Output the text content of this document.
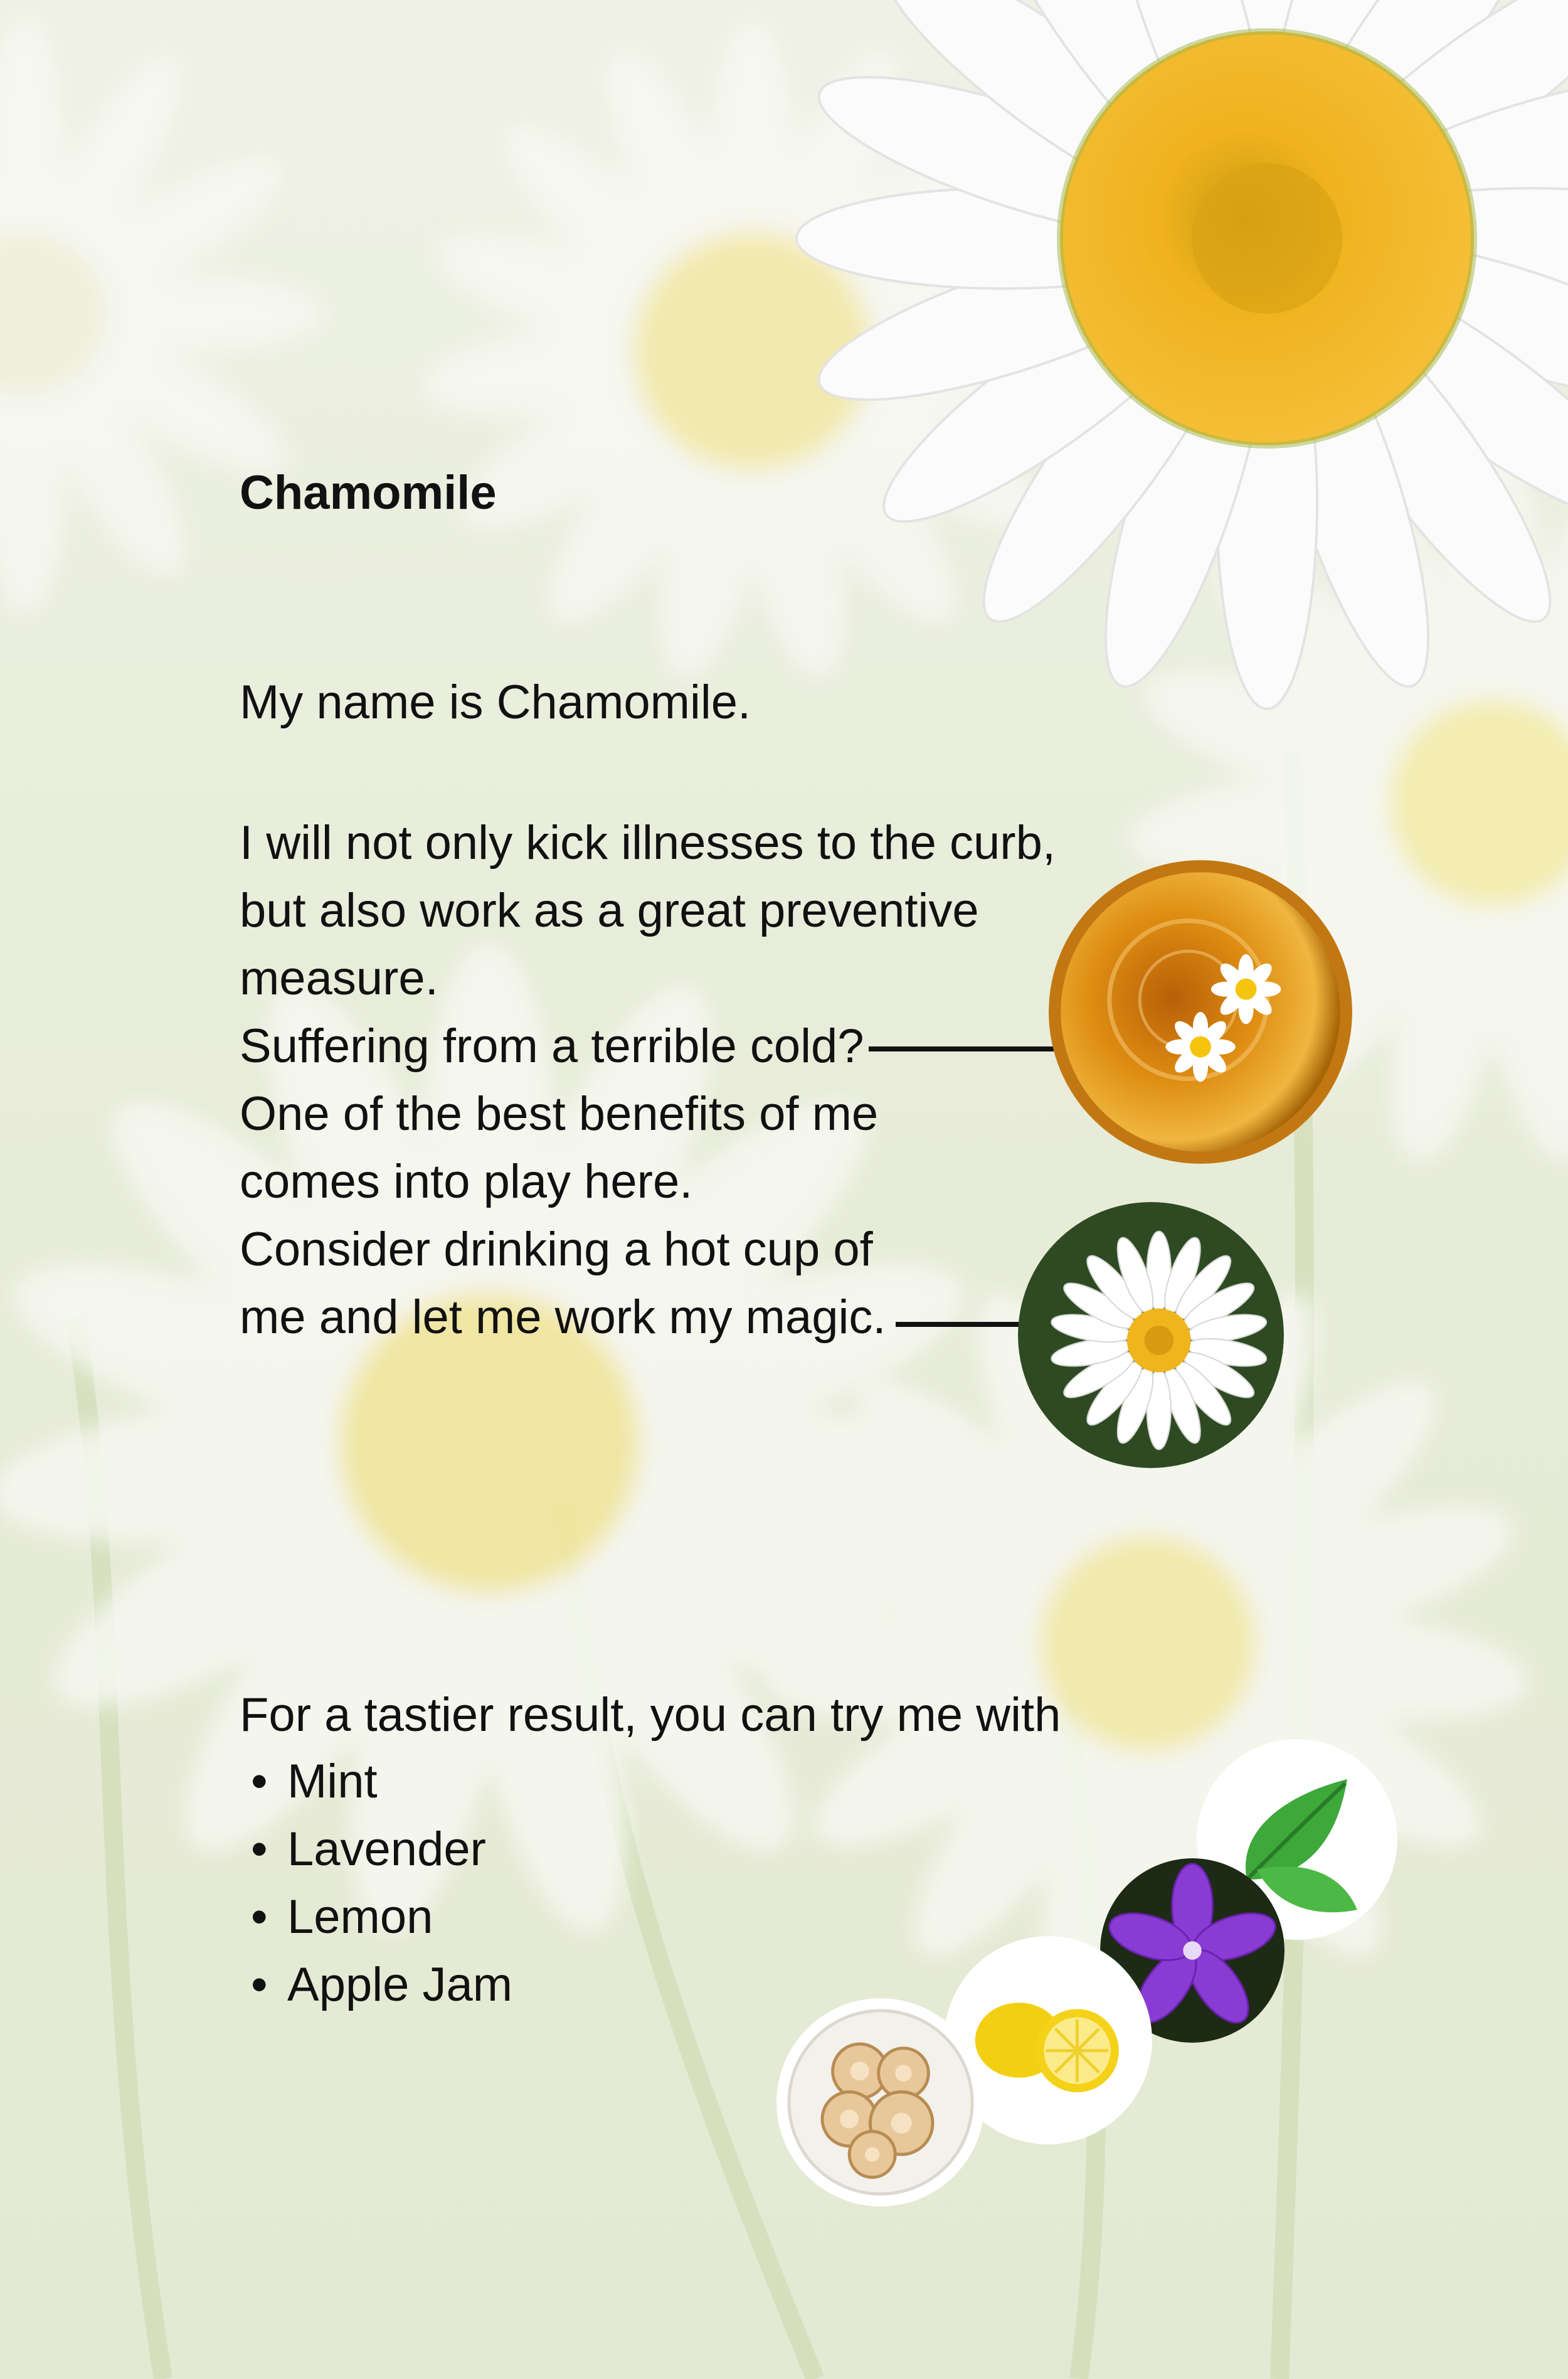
Chamomile
My name is Chamomile.
I will not only kick illnesses to the curb,
but also work as a great preventive
measure.
Suffering from a terrible cold?
One of the best benefits of me
comes into play here.
Consider drinking a hot cup of
me and let me work my magic.
For a tastier result, you can try me with
• Mint
• Lavender
• Lemon
• Apple Jam
